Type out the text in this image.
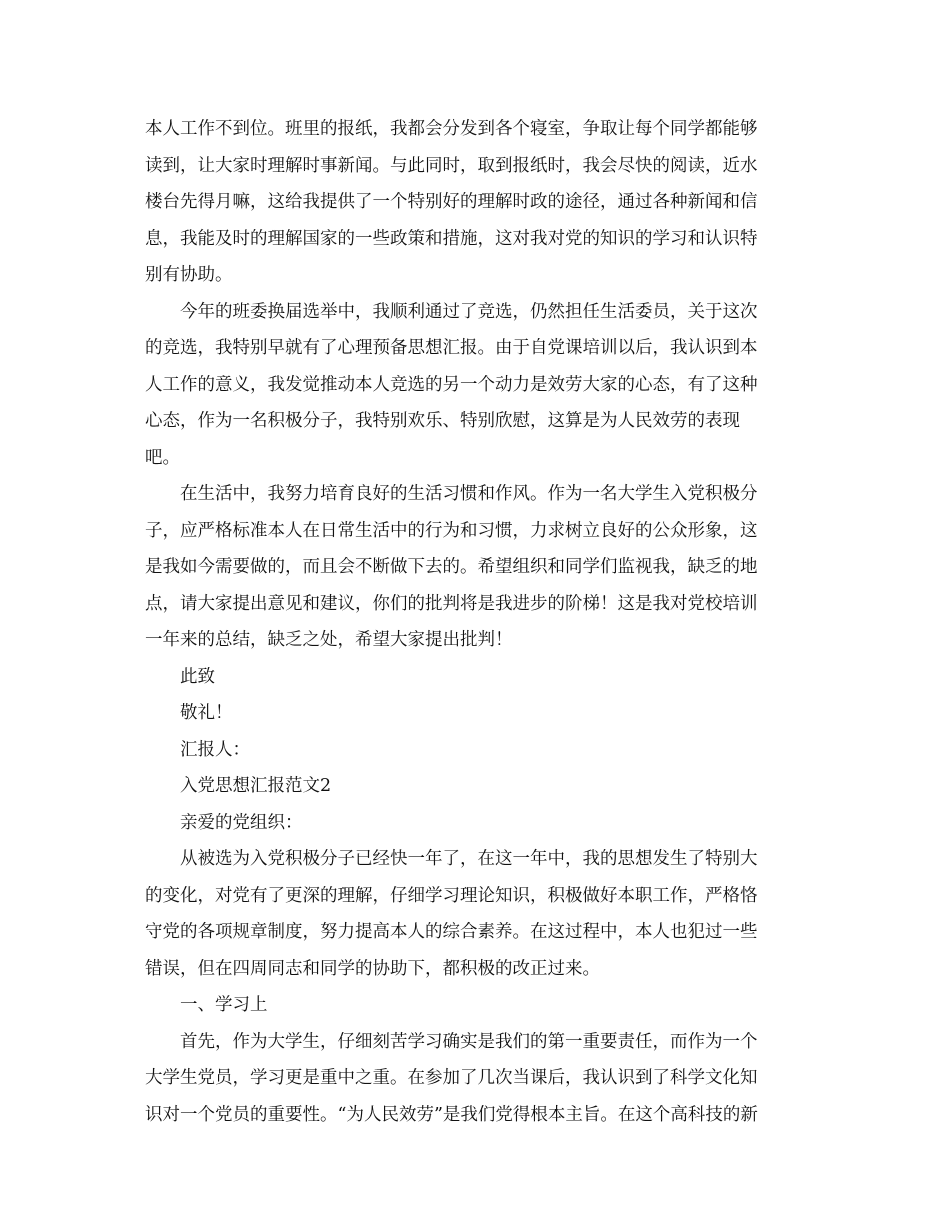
本人工作不到位。班里的报纸，我都会分发到各个寝室，争取让每个同学都能够
读到，让大家时理解时事新闻。与此同时，取到报纸时，我会尽快的阅读，近水
楼台先得月嘛，这给我提供了一个特别好的理解时政的途径，通过各种新闻和信
息，我能及时的理解国家的一些政策和措施，这对我对党的知识的学习和认识特
别有协助。

今年的班委换届选举中，我顺利通过了竞选，仍然担任生活委员，关于这次
的竞选，我特别早就有了心理预备思想汇报。由于自党课培训以后，我认识到本
人工作的意义，我发觉推动本人竞选的另一个动力是效劳大家的心态，有了这种
心态，作为一名积极分子，我特别欢乐、特别欣慰，这算是为人民效劳的表现
吧。

在生活中，我努力培育良好的生活习惯和作风。作为一名大学生入党积极分
子，应严格标准本人在日常生活中的行为和习惯，力求树立良好的公众形象，这
是我如今需要做的，而且会不断做下去的。希望组织和同学们监视我，缺乏的地
点，请大家提出意见和建议，你们的批判将是我进步的阶梯！这是我对党校培训
一年来的总结，缺乏之处，希望大家提出批判！

此致

敬礼！

汇报人：

入党思想汇报范文2

亲爱的党组织：

从被选为入党积极分子已经快一年了，在这一年中，我的思想发生了特别大
的变化，对党有了更深的理解，仔细学习理论知识，积极做好本职工作，严格恪
守党的各项规章制度，努力提高本人的综合素养。在这过程中，本人也犯过一些
错误，但在四周同志和同学的协助下，都积极的改正过来。

一、学习上

首先，作为大学生，仔细刻苦学习确实是我们的第一重要责任，而作为一个
大学生党员，学习更是重中之重。在参加了几次当课后，我认识到了科学文化知
识对一个党员的重要性。“为人民效劳”是我们党得根本主旨。在这个高科技的新
